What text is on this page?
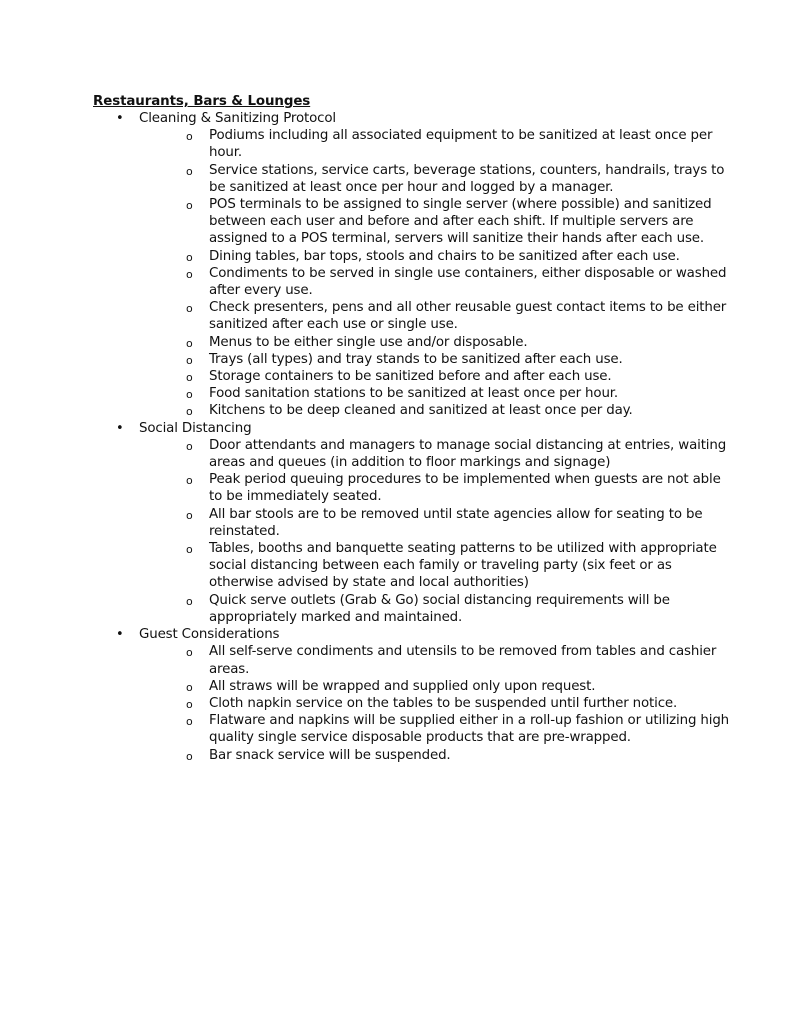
Restaurants, Bars & Lounges
• Cleaning & Sanitizing Protocol
o Podiums including all associated equipment to be sanitized at least once per hour.
o Service stations, service carts, beverage stations, counters, handrails, trays to be sanitized at least once per hour and logged by a manager.
o POS terminals to be assigned to single server (where possible) and sanitized between each user and before and after each shift. If multiple servers are assigned to a POS terminal, servers will sanitize their hands after each use.
o Dining tables, bar tops, stools and chairs to be sanitized after each use.
o Condiments to be served in single use containers, either disposable or washed after every use.
o Check presenters, pens and all other reusable guest contact items to be either sanitized after each use or single use.
o Menus to be either single use and/or disposable.
o Trays (all types) and tray stands to be sanitized after each use.
o Storage containers to be sanitized before and after each use.
o Food sanitation stations to be sanitized at least once per hour.
o Kitchens to be deep cleaned and sanitized at least once per day.
• Social Distancing
o Door attendants and managers to manage social distancing at entries, waiting areas and queues (in addition to floor markings and signage)
o Peak period queuing procedures to be implemented when guests are not able to be immediately seated.
o All bar stools are to be removed until state agencies allow for seating to be reinstated.
o Tables, booths and banquette seating patterns to be utilized with appropriate social distancing between each family or traveling party (six feet or as otherwise advised by state and local authorities)
o Quick serve outlets (Grab & Go) social distancing requirements will be appropriately marked and maintained.
• Guest Considerations
o All self-serve condiments and utensils to be removed from tables and cashier areas.
o All straws will be wrapped and supplied only upon request.
o Cloth napkin service on the tables to be suspended until further notice.
o Flatware and napkins will be supplied either in a roll-up fashion or utilizing high quality single service disposable products that are pre-wrapped.
o Bar snack service will be suspended.
